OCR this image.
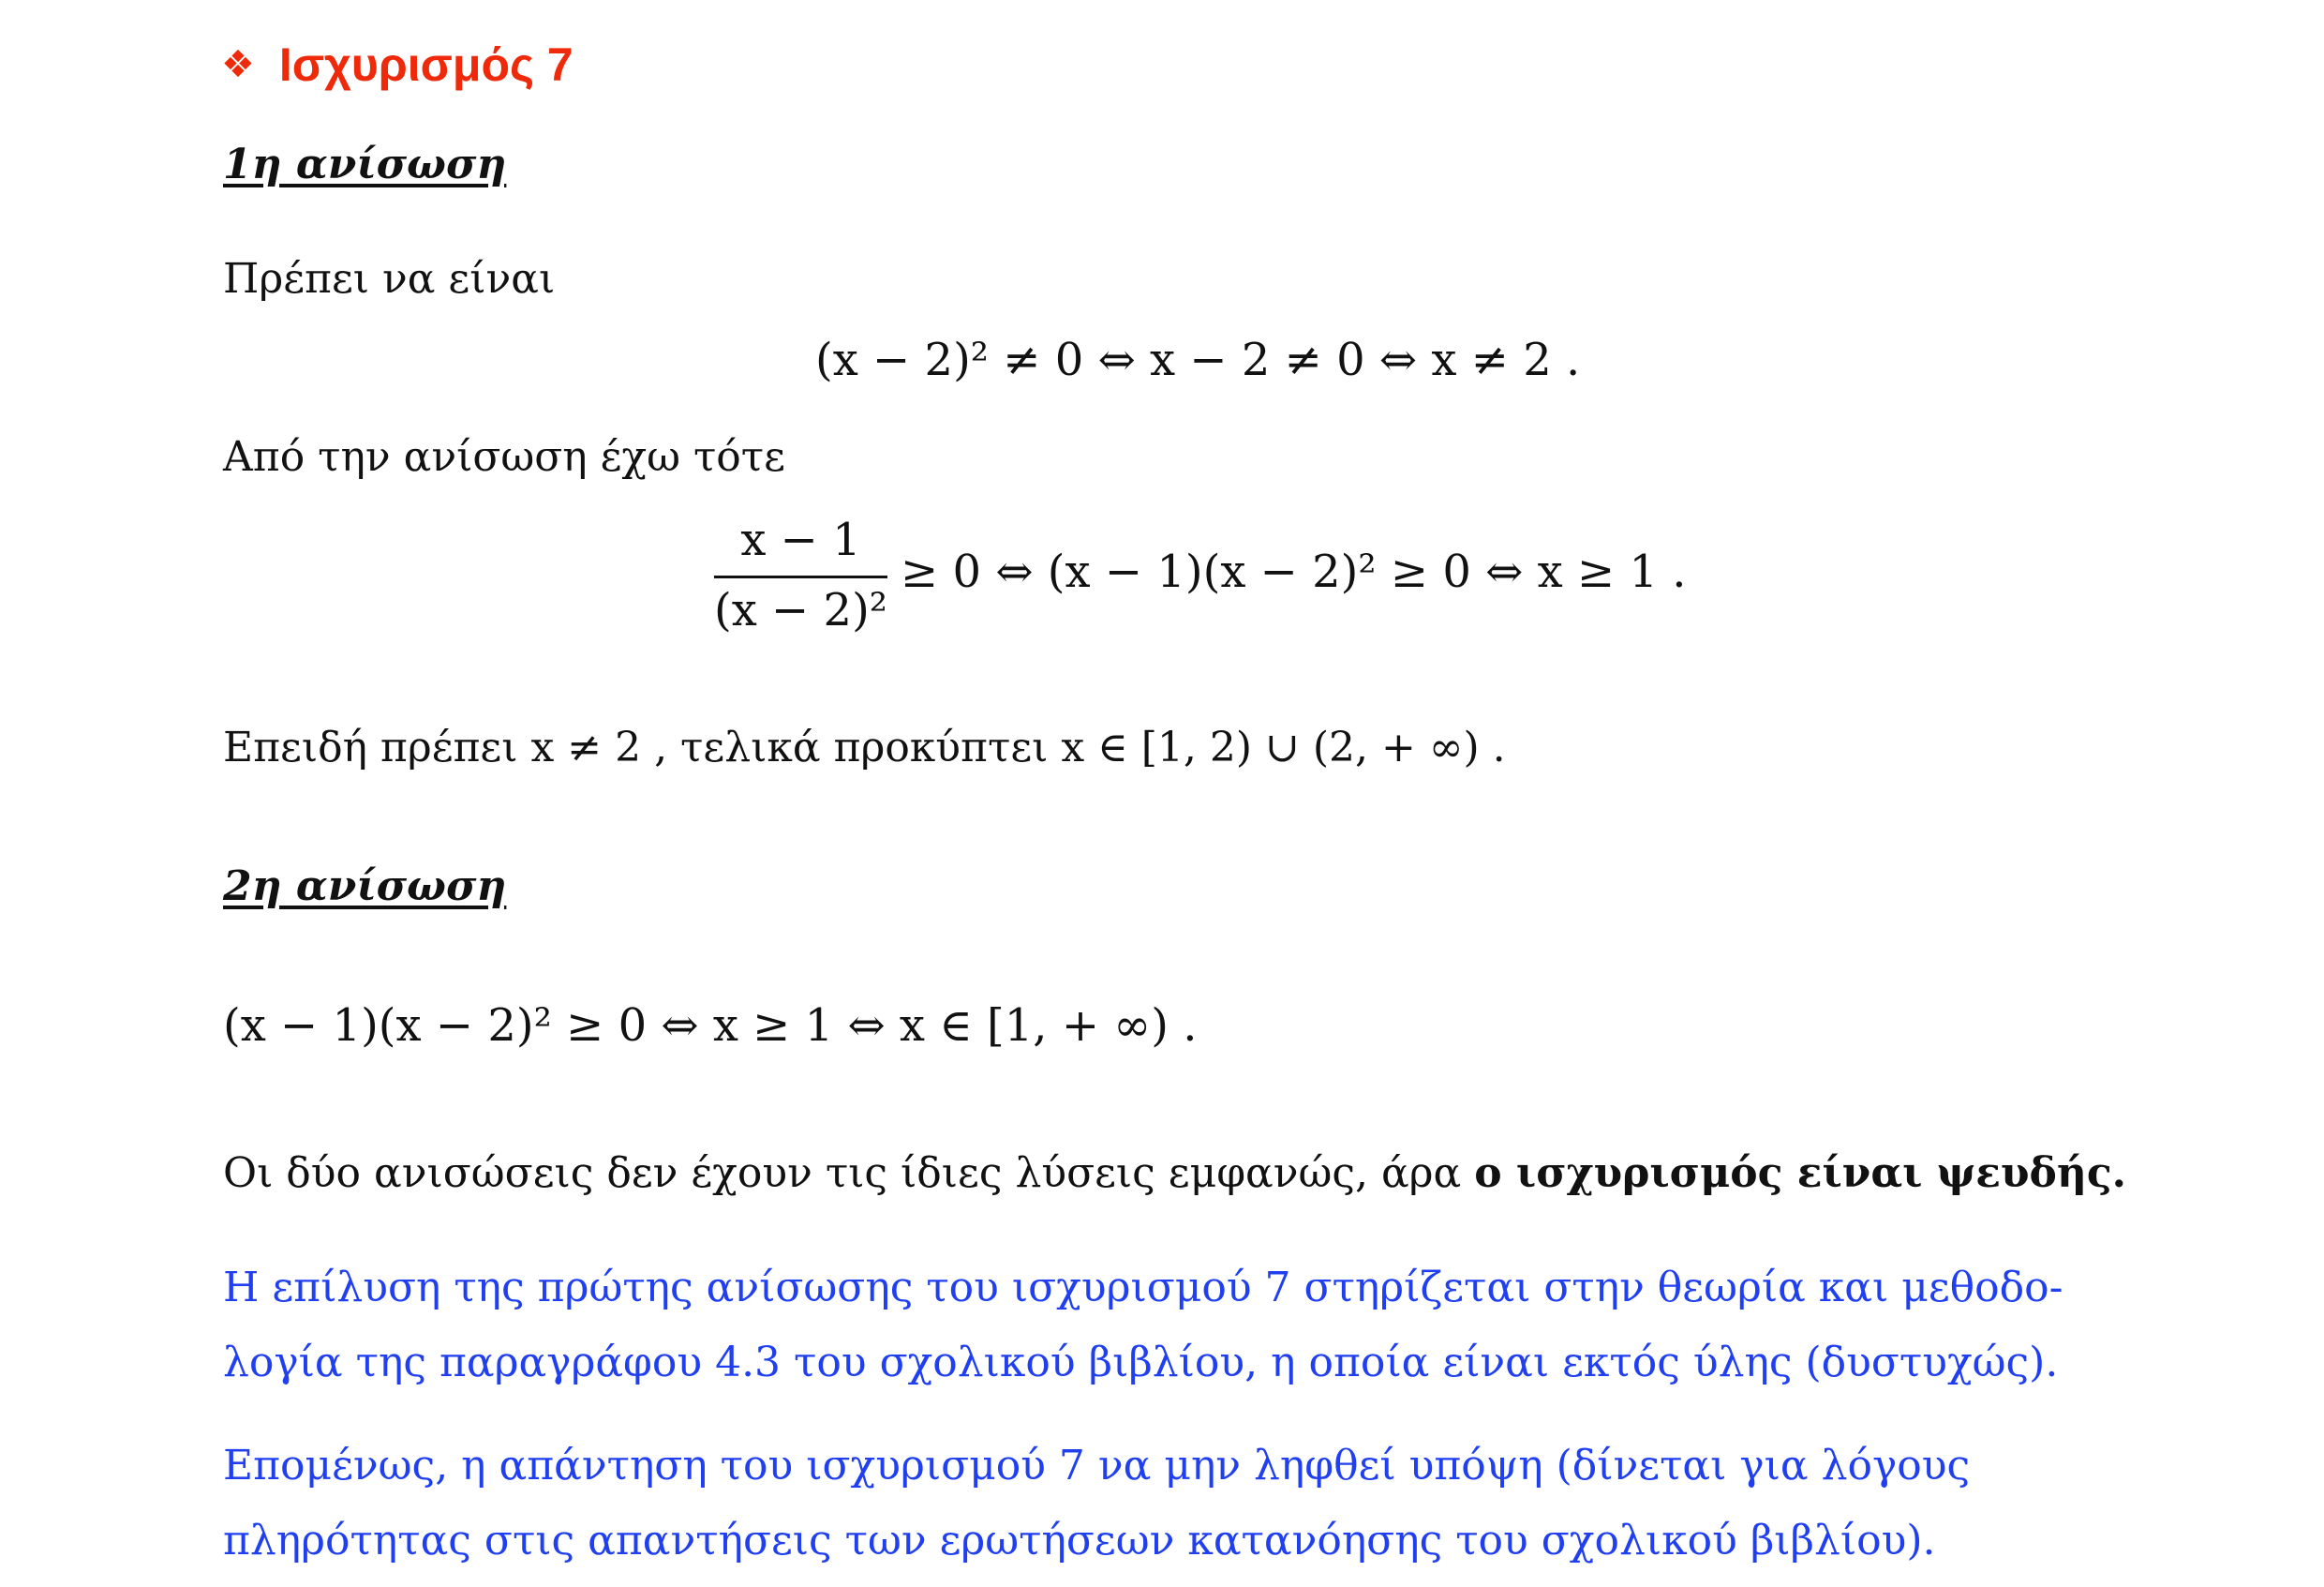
❖ Ισχυρισμός 7
1η ανίσωση
Πρέπει να είναι
(x − 2)² ≠ 0 ⇔ x − 2 ≠ 0 ⇔ x ≠ 2 .
Από την ανίσωση έχω τότε
$\frac{x - 1}{\text{(x − 2)²}} \ge 0$ ⇔ (x − 1)(x − 2)² ≥ 0 ⇔ x ≥ 1 .
Επειδή πρέπει x ≠ 2 , τελικά προκύπτει x ∈ [1, 2) ∪ (2, + ∞) .
2η ανίσωση
(x − 1)(x − 2)² ≥ 0 ⇔ x ≥ 1 ⇔ x ∈ [1, + ∞) .
Οι δύο ανισώσεις δεν έχουν τις ίδιες λύσεις εμφανώς, άρα ο ισχυρισμός είναι ψευδής.
Η επίλυση της πρώτης ανίσωσης του ισχυρισμού 7 στηρίζεται στην θεωρία και μεθοδο-
λογία της παραγράφου 4.3 του σχολικού βιβλίου, η οποία είναι εκτός ύλης (δυστυχώς).
Επομένως, η απάντηση του ισχυρισμού 7 να μην ληφθεί υπόψη (δίνεται για λόγους
πληρότητας στις απαντήσεις των ερωτήσεων κατανόησης του σχολικού βιβλίου).
